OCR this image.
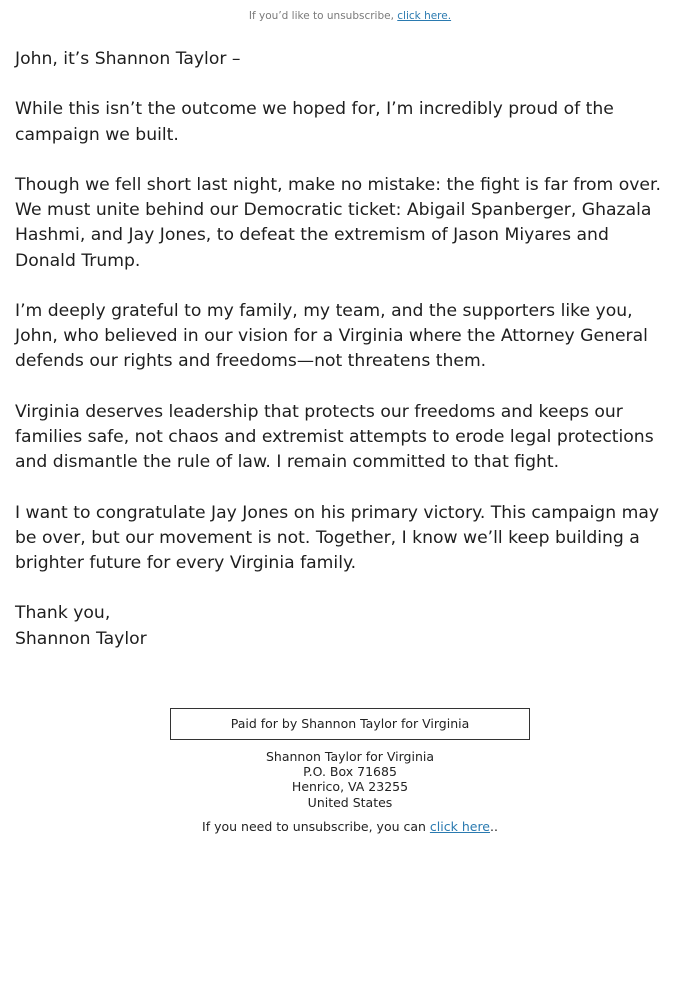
If you’d like to unsubscribe, click here.

John, it’s Shannon Taylor –

While this isn’t the outcome we hoped for, I’m incredibly proud of the campaign we built.

Though we fell short last night, make no mistake: the fight is far from over. We must unite behind our Democratic ticket: Abigail Spanberger, Ghazala Hashmi, and Jay Jones, to defeat the extremism of Jason Miyares and Donald Trump.

I’m deeply grateful to my family, my team, and the supporters like you, John, who believed in our vision for a Virginia where the Attorney General defends our rights and freedoms—not threatens them.

Virginia deserves leadership that protects our freedoms and keeps our families safe, not chaos and extremist attempts to erode legal protections and dismantle the rule of law. I remain committed to that fight.

I want to congratulate Jay Jones on his primary victory. This campaign may be over, but our movement is not. Together, I know we’ll keep building a brighter future for every Virginia family.

Thank you,
Shannon Taylor

Paid for by Shannon Taylor for Virginia
Shannon Taylor for Virginia
P.O. Box 71685
Henrico, VA 23255
United States
If you need to unsubscribe, you can click here..
